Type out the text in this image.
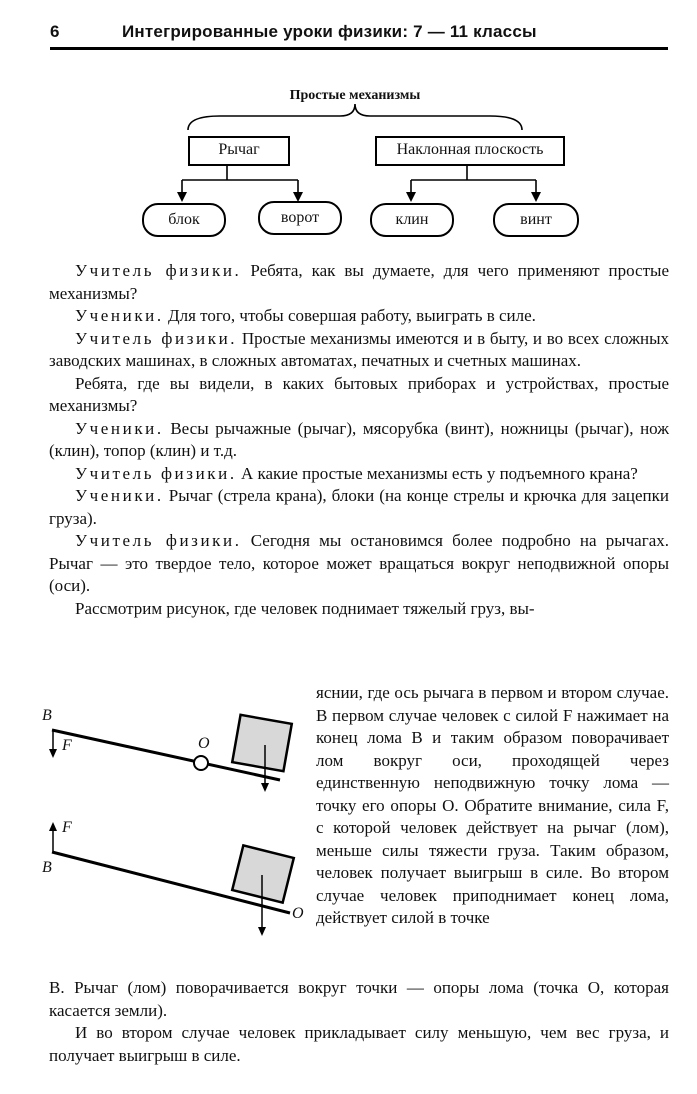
6	Интегрированные уроки физики: 7 — 11 классы
Простые механизмы
Рычаг	Наклонная плоскость
блок	ворот	клин	винт

Учитель физики. Ребята, как вы думаете, для чего применяют простые механизмы?

Ученики. Для того, чтобы совершая работу, выиграть в силе.

Учитель физики. Простые механизмы имеются и в быту, и во всех сложных заводских машинах, в сложных автоматах, печатных и счетных машинах.

Ребята, где вы видели, в каких бытовых приборах и устройствах, простые механизмы?

Ученики. Весы рычажные (рычаг), мясорубка (винт), ножницы (рычаг), нож (клин), топор (клин) и т.д.

Учитель физики. А какие простые механизмы есть у подъемного крана?

Ученики. Рычаг (стрела крана), блоки (на конце стрелы и крючка для зацепки груза).

Учитель физики. Сегодня мы остановимся более подробно на рычагах. Рычаг — это твердое тело, которое может вращаться вокруг неподвижной опоры (оси).

Рассмотрим рисунок, где человек поднимает тяжелый груз, вы-

B
F	O
F
B
O

яснии, где ось рычага в первом и втором случае. В первом случае человек с силой F нажимает на конец лома B и таким образом поворачивает лом вокруг оси, проходящей через единственную неподвижную точку лома — точку его опоры O. Обратите внимание, сила F, с которой человек действует на рычаг (лом), меньше силы тяжести груза. Таким образом, человек получает выигрыш в силе. Во втором случае человек приподнимает конец лома, действует силой в точке

B. Рычаг (лом) поворачивается вокруг точки — опоры лома (точка O, которая касается земли).

И во втором случае человек прикладывает силу меньшую, чем вес груза, и получает выигрыш в силе.
